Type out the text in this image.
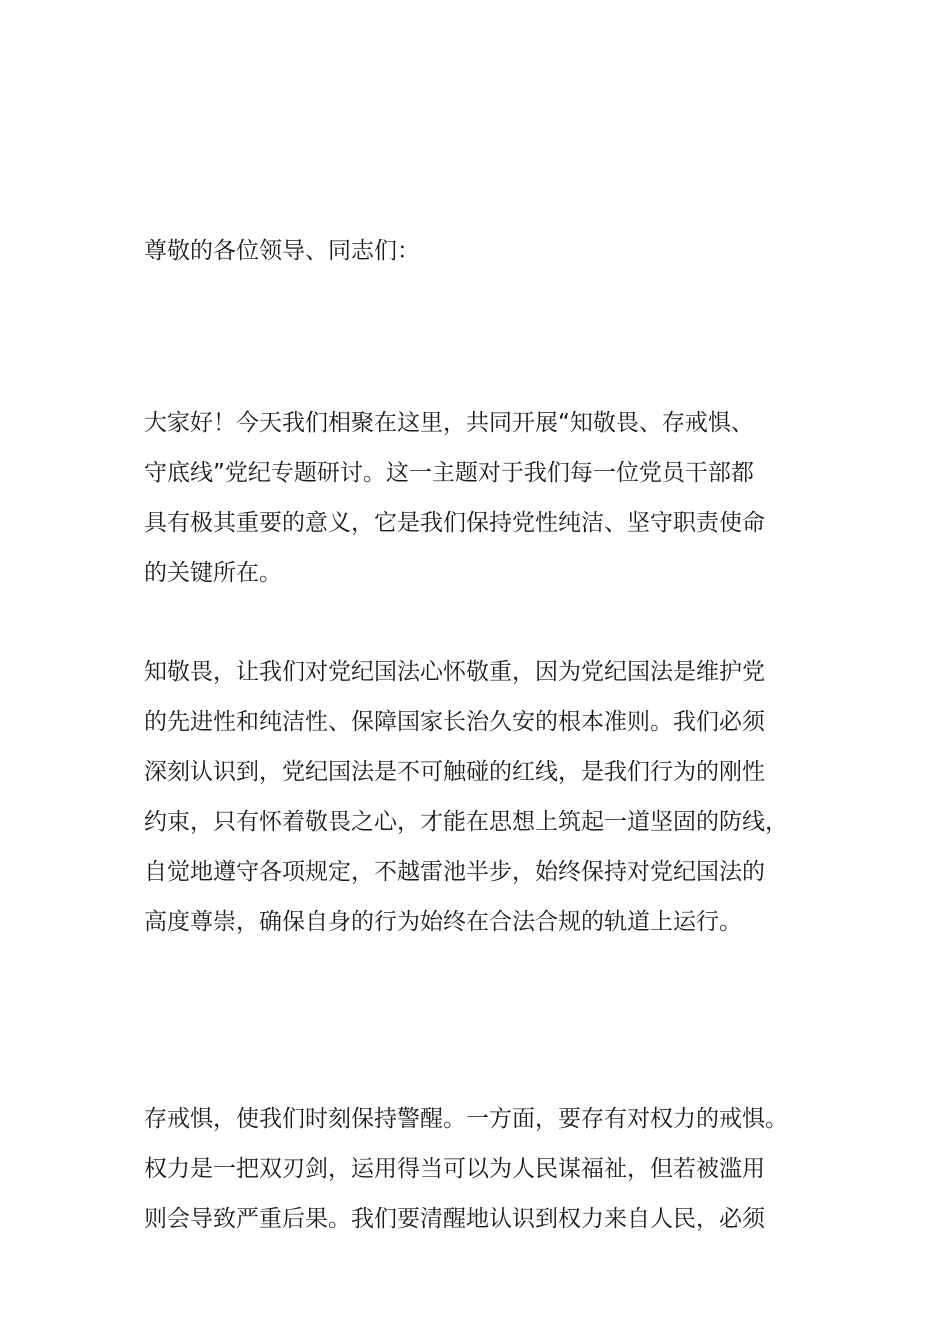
尊敬的各位领导、同志们：

大家好！今天我们相聚在这里，共同开展“知敬畏、存戒惧、
守底线”党纪专题研讨。这一主题对于我们每一位党员干部都
具有极其重要的意义，它是我们保持党性纯洁、坚守职责使命
的关键所在。

知敬畏，让我们对党纪国法心怀敬重，因为党纪国法是维护党
的先进性和纯洁性、保障国家长治久安的根本准则。我们必须
深刻认识到，党纪国法是不可触碰的红线，是我们行为的刚性
约束，只有怀着敬畏之心，才能在思想上筑起一道坚固的防线，
自觉地遵守各项规定，不越雷池半步，始终保持对党纪国法的
高度尊崇，确保自身的行为始终在合法合规的轨道上运行。

存戒惧，使我们时刻保持警醒。一方面，要存有对权力的戒惧。
权力是一把双刃剑，运用得当可以为人民谋福祉，但若被滥用
则会导致严重后果。我们要清醒地认识到权力来自人民，必须
